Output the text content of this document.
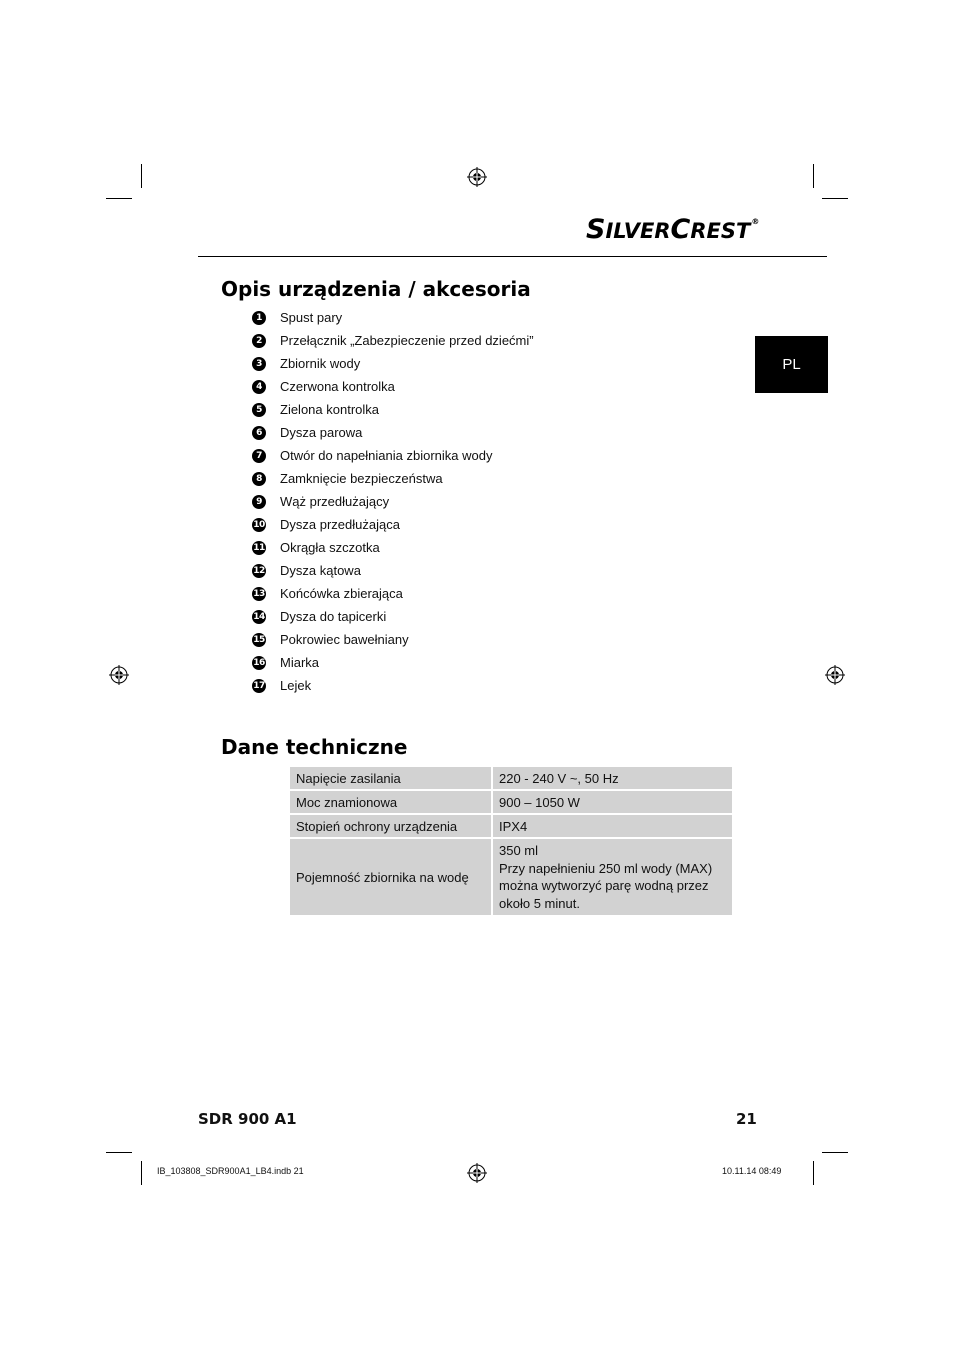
SILVERCREST®
PL
Opis urządzenia / akcesoria
1	Spust pary
2	Przełącznik „Zabezpieczenie przed dziećmi”
3	Zbiornik wody
4	Czerwona kontrolka
5	Zielona kontrolka
6	Dysza parowa
7	Otwór do napełniania zbiornika wody
8	Zamknięcie bezpieczeństwa
9	Wąż przedłużający
10 Dysza przedłużająca
11 Okrągła szczotka
12 Dysza kątowa
13 Końcówka zbierająca
14 Dysza do tapicerki
15 Pokrowiec bawełniany
16 Miarka
17 Lejek
Dane techniczne
Napięcie zasilania	220 - 240 V ~, 50 Hz
Moc znamionowa	900 – 1050 W
Stopień ochrony urządzenia	IPX4
Pojemność zbiornika na wodę	350 ml
Przy napełnieniu 250 ml wody (MAX)
można wytworzyć parę wodną przez
około 5 minut.
SDR 900 A1	21
IB_103808_SDR900A1_LB4.indb 21	10.11.14 08:49
